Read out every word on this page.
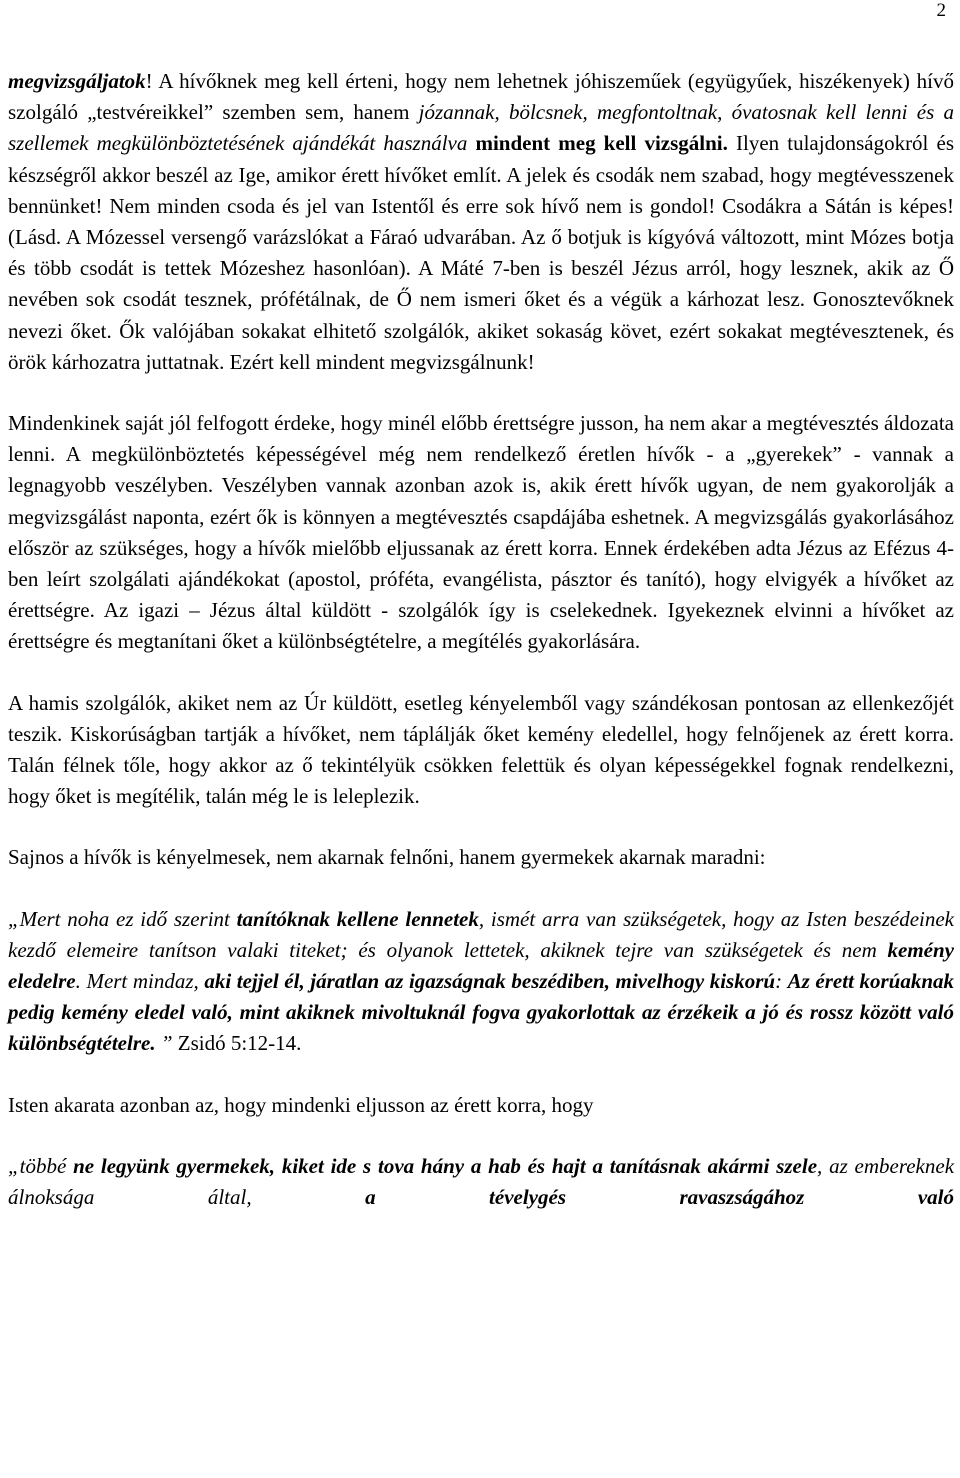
2

megvizsgáljatok! A hívőknek meg kell érteni, hogy nem lehetnek jóhiszeműek (együgyűek, hiszékenyek) hívő szolgáló „testvéreikkel” szemben sem, hanem józannak, bölcsnek, megfontoltnak, óvatosnak kell lenni és a szellemek megkülönböztetésének ajándékát használva mindent meg kell vizsgálni. Ilyen tulajdonságokról és készségről akkor beszél az Ige, amikor érett hívőket említ. A jelek és csodák nem szabad, hogy megtévesszenek bennünket! Nem minden csoda és jel van Istentől és erre sok hívő nem is gondol! Csodákra a Sátán is képes! (Lásd. A Mózessel versengő varázslókat a Fáraó udvarában. Az ő botjuk is kígyóvá változott, mint Mózes botja és több csodát is tettek Mózeshez hasonlóan). A Máté 7-ben is beszél Jézus arról, hogy lesznek, akik az Ő nevében sok csodát tesznek, prófétálnak, de Ő nem ismeri őket és a végük a kárhozat lesz. Gonosztevőknek nevezi őket. Ők valójában sokakat elhitető szolgálók, akiket sokaság követ, ezért sokakat megtévesztenek, és örök kárhozatra juttatnak. Ezért kell mindent megvizsgálnunk!

Mindenkinek saját jól felfogott érdeke, hogy minél előbb érettségre jusson, ha nem akar a megtévesztés áldozata lenni. A megkülönböztetés képességével még nem rendelkező éretlen hívők - a „gyerekek” - vannak a legnagyobb veszélyben. Veszélyben vannak azonban azok is, akik érett hívők ugyan, de nem gyakorolják a megvizsgálást naponta, ezért ők is könnyen a megtévesztés csapdájába eshetnek. A megvizsgálás gyakorlásához először az szükséges, hogy a hívők mielőbb eljussanak az érett korra. Ennek érdekében adta Jézus az Efézus 4-ben leírt szolgálati ajándékokat (apostol, próféta, evangélista, pásztor és tanító), hogy elvigyék a hívőket az érettségre. Az igazi – Jézus által küldött - szolgálók így is cselekednek. Igyekeznek elvinni a hívőket az érettségre és megtanítani őket a különbségtételre, a megítélés gyakorlására.

A hamis szolgálók, akiket nem az Úr küldött, esetleg kényelemből vagy szándékosan pontosan az ellenkezőjét teszik. Kiskorúságban tartják a hívőket, nem táplálják őket kemény eledellel, hogy felnőjenek az érett korra. Talán félnek tőle, hogy akkor az ő tekintélyük csökken felettük és olyan képességekkel fognak rendelkezni, hogy őket is megítélik, talán még le is leleplezik.

Sajnos a hívők is kényelmesek, nem akarnak felnőni, hanem gyermekek akarnak maradni:

„Mert noha ez idő szerint tanítóknak kellene lennetek, ismét arra van szükségetek, hogy az Isten beszédeinek kezdő elemeire tanítson valaki titeket; és olyanok lettetek, akiknek tejre van szükségetek és nem kemény eledelre. Mert mindaz, aki tejjel él, járatlan az igazságnak beszédiben, mivelhogy kiskorú: Az érett korúaknak pedig kemény eledel való, mint akiknek mivoltuknál fogva gyakorlottak az érzékeik a jó és rossz között való különbségtételre. ” Zsidó 5:12-14.

Isten akarata azonban az, hogy mindenki eljusson az érett korra, hogy

„többé ne legyünk gyermekek, kiket ide s tova hány a hab és hajt a tanításnak akármi szele, az embereknek álnoksága által, a tévelygés ravaszságához való
